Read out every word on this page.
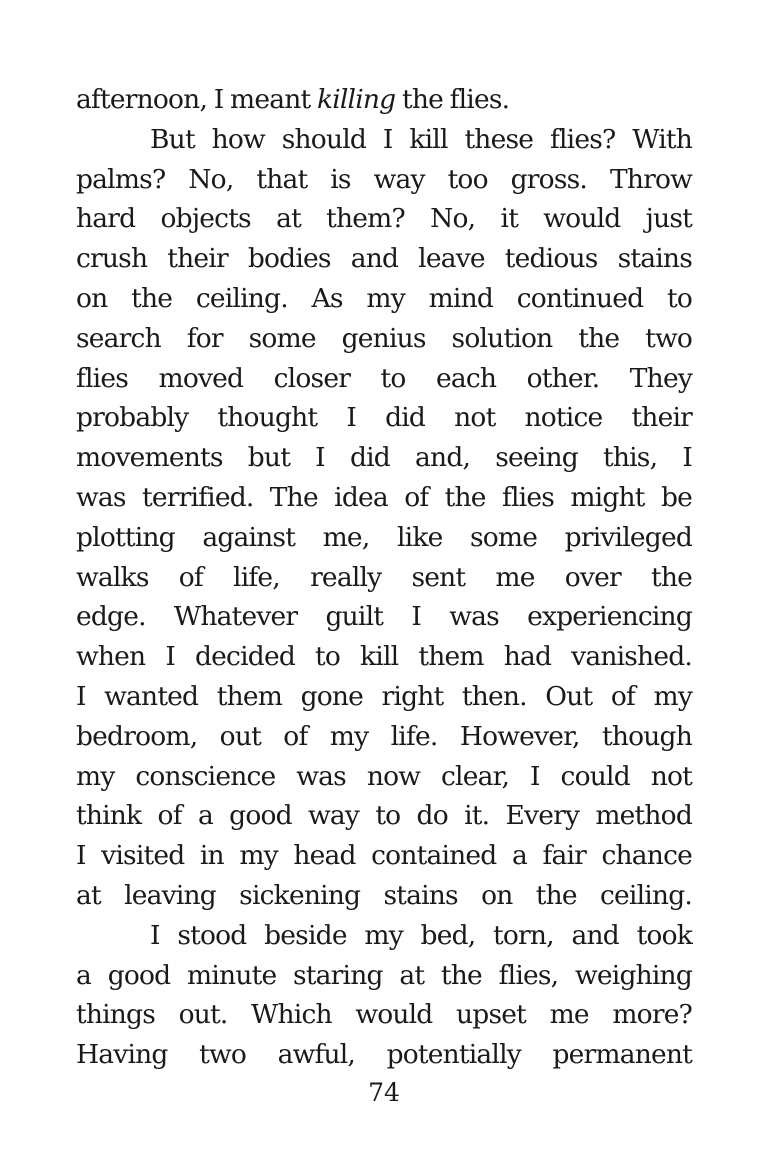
afternoon, I meant killing the flies.
But how should I kill these flies? With
palms? No, that is way too gross. Throw
hard objects at them? No, it would just
crush their bodies and leave tedious stains
on the ceiling. As my mind continued to
search for some genius solution the two
flies moved closer to each other. They
probably thought I did not notice their
movements but I did and, seeing this, I
was terrified. The idea of the flies might be
plotting against me, like some privileged
walks of life, really sent me over the
edge. Whatever guilt I was experiencing
when I decided to kill them had vanished.
I wanted them gone right then. Out of my
bedroom, out of my life. However, though
my conscience was now clear, I could not
think of a good way to do it. Every method
I visited in my head contained a fair chance
at leaving sickening stains on the ceiling.
I stood beside my bed, torn, and took
a good minute staring at the flies, weighing
things out. Which would upset me more?
Having two awful, potentially permanent
74
